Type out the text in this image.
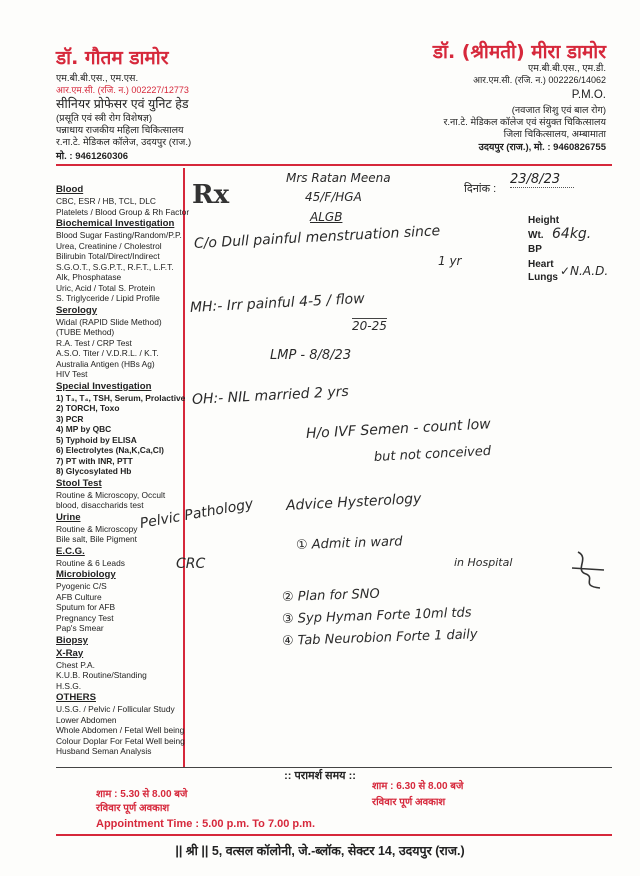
डॉ. गौतम डामोर
एम.बी.बी.एस., एम.एस.
आर.एम.सी. (रजि. न.) 002227/12773
सीनियर प्रोफेसर एवं युनिट हेड
(प्रसूति एवं स्त्री रोग विशेषज्ञ)
पन्नाधाय राजकीय महिला चिकित्सालय
र.ना.टे. मेडिकल कॉलेज, उदयपुर (राज.)
मो. : 9461260306
डॉ. (श्रीमती) मीरा डामोर
एम.बी.बी.एस., एम.डी.
आर.एम.सी. (रजि. न.) 002226/14062
P.M.O.
(नवजात शिशु एवं बाल रोग)
र.ना.टे. मेडिकल कॉलेज एवं संयुक्त चिकित्सालय
जिला चिकित्सालय, अम्बामाता
उदयपुर (राज.), मो. : 9460826755
Blood
CBC, ESR / HB, TCL, DLC
Platelets / Blood Group & Rh Factor
Biochemical Investigation
Blood Sugar Fasting/Random/P.P.
Urea, Creatinine / Cholestrol
Bilirubin Total/Direct/Indirect
S.G.O.T., S.G.P.T., R.F.T., L.F.T.
Alk, Phosphatase
Uric, Acid / Total S. Protein
S. Triglyceride / Lipid Profile
Serology
Widal (RAPID Slide Method)
(TUBE Method)
R.A. Test / CRP Test
A.S.O. Titer / V.D.R.L. / K.T.
Australia Antigen (HBs Ag)
HIV Test
Special Investigation
1) T₃, T₄, TSH, Serum, Prolactive
2) TORCH, Toxo
3) PCR
4) MP by QBC
5) Typhoid by ELISA
6) Electrolytes (Na,K,Ca,Cl)
7) PT with INR, PTT
8) Glycosylated Hb
Stool Test
Routine & Microscopy, Occult
blood, disaccharids test
Urine
Routine & Microscopy
Bile salt, Bile Pigment
E.C.G.
Routine & 6 Leads
Microbiology
Pyogenic C/S
AFB Culture
Sputum for AFB
Pregnancy Test
Pap's Smear
Biopsy
X-Ray
Chest P.A.
K.U.B. Routine/Standing
H.S.G.
OTHERS
U.S.G. / Pelvic / Follicular Study
Lower Abdomen
Whole Abdomen / Fetal Well being
Colour Doplar For Fetal Well being
Husband Seman Analysis
Rx	दिनांक :
23/8/23
Height
Wt. 64kg.
BP
Heart
Lungs ✓N.A.D.
Mrs Ratan Meena
45/F/HGA
ALGB
C/o Dull painful menstruation since
1 yr
MH:- Irr painful 4-5 / flow
20-25
LMP - 8/8/23
OH:- NIL married 2 yrs
H/o IVF Semen - count low
but not conceived
Advice Hysterology
Pelvic Pathology
CRC
① Admit in ward
in Hospital
② Plan for SNO
③ Syp Hyman Forte 10ml tds
④ Tab Neurobion Forte 1 daily
:: परामर्श समय ::
शाम : 5.30 से 8.00 बजे
रविवार पूर्ण अवकाश
शाम : 6.30 से 8.00 बजे
रविवार पूर्ण अवकाश
Appointment Time : 5.00 p.m. To 7.00 p.m.
|| श्री || 5, वत्सल कॉलोनी, जे.-ब्लॉक, सेक्टर 14, उदयपुर (राज.)
